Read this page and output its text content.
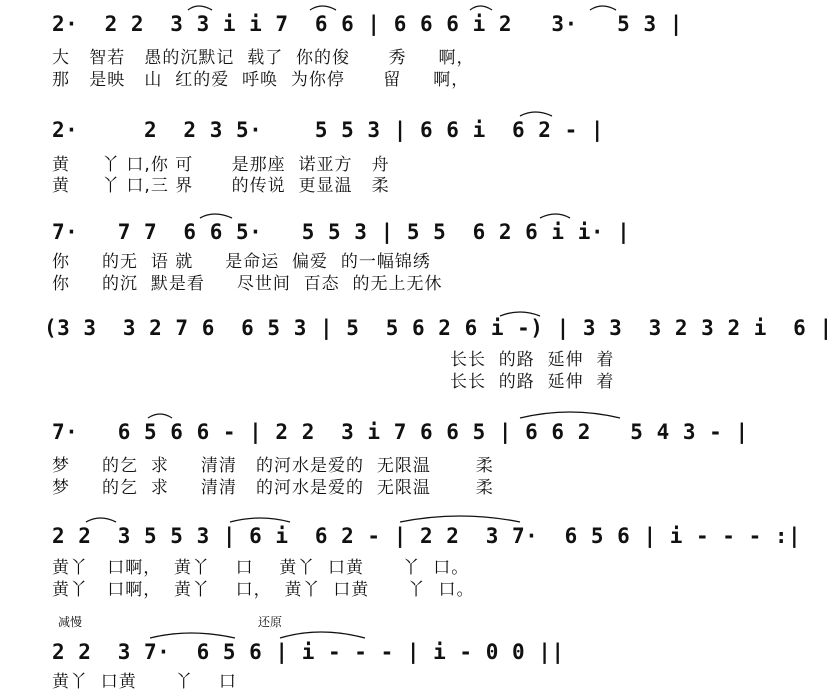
2·  2 2  3 3 i i 7  6 6 | 6 6 6 i 2   3·   5 3 |
大   智若   愚的沉默记  载了  你的俊      秀     啊，
那   是映   山  红的爱  呼唤  为你停      留     啊，
2·     2  2 3 5·    5 5 3 | 6 6 i  6 2 - |
黄     丫 口,你 可      是那座  诺亚方   舟
黄     丫 口,三 界      的传说  更显温   柔
7·   7 7  6 6 5·   5 5 3 | 5 5  6 2 6 i i· |
你     的无  语 就     是命运  偏爱  的一幅锦绣
你     的沉  默是看     尽世间  百态  的无上无休
(3 3  3 2 7 6  6 5 3 | 5  5 6 2 6 i -) | 3 3  3 2 3 2 i  6 |
长长  的路  延伸  着
长长  的路  延伸  着
7·   6 5 6 6 - | 2 2  3 i 7 6 6 5 | 6 6 2   5 4 3 - |
梦     的乞  求     清清   的河水是爱的  无限温       柔
梦     的乞  求     清清   的河水是爱的  无限温       柔
2 2  3 5 5 3 | 6 i  6 2 - | 2 2  3 7·  6 5 6 | i - - - :|
黄丫   口啊，  黄丫    口    黄丫  口黄      丫  口。
黄丫   口啊，  黄丫    口，  黄丫  口黄      丫  口。
减慢	还原
2 2  3 7·  6 5 6 | i - - - | i - 0 0 ||
黄丫  口黄      丫    口
